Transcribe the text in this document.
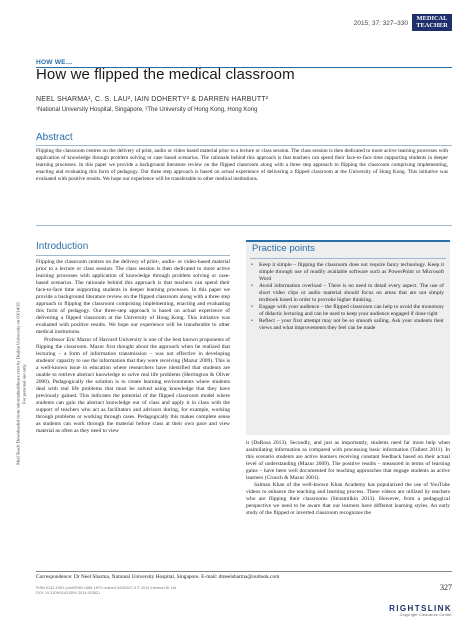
Med Teach Downloaded from informahealthcare.com by Deakin University on 03/14/15 For personal use only.
2015; 37: 327–330
MEDICAL
TEACHER
HOW WE…
How we flipped the medical classroom
NEEL SHARMA¹, C. S. LAU², IAIN DOHERTY² & DARREN HARBUTT²
¹National University Hospital, Singapore, ²The University of Hong Kong, Hong Kong
Abstract
Flipping the classroom centres on the delivery of print, audio or video based material prior to a lecture or class session. The class session is then dedicated to more active learning processes with application of knowledge through problem solving or case based scenarios. The rationale behind this approach is that teachers can spend their face-to-face time supporting students in deeper learning processes. In this paper we provide a background literature review on the flipped classroom along with a three step approach to flipping the classroom comprising implementing, enacting and evaluating this form of pedagogy. Our three step approach is based on actual experience of delivering a flipped classroom at the University of Hong Kong. This initiative was evaluated with positive results. We hope our experience will be transferable to other medical institutions.
Introduction

Flipping the classroom centres on the delivery of print-, audio- or video-based material prior to a lecture or class session. The class session is then dedicated to more active learning processes with application of knowledge through problem solving or case-based scenarios. The rationale behind this approach is that teachers can spend their face-to-face time supporting students in deeper learning processes. In this paper we provide a background literature review on the flipped classroom along with a three step approach to flipping the classroom comprising implementing, enacting and evaluating this form of pedagogy. Our three-step approach is based on actual experience of delivering a flipped classroom at the University of Hong Kong. This initiative was evaluated with positive results. We hope our experience will be transferable to other medical institutions.

Professor Eric Mazur of Harvard University is one of the best known proponents of flipping the classroom. Mazur first thought about the approach when he realized that lecturing – a form of information transmission – was not effective in developing students' capacity to use the information that they were receiving (Mazur 2009). This is a well-known issue in education where researchers have identified that students are unable to retrieve abstract knowledge to solve real life problems (Herrington & Oliver 2000). Pedagogically the solution is to create learning environments where students deal with real life problems that must be solved using knowledge that they have previously gained. This indicates the potential of the flipped classroom model where students can gain the abstract knowledge out of class and apply it in class with the support of teachers who act as facilitators and advisors during, for example, working through problems or working through cases. Pedagogically this makes complete sense as students can work through the material before class at their own pace and view material as often as they need to view

Practice points
• Keep it simple – flipping the classroom does not require fancy technology. Keep it simple through use of readily available software such as PowerPoint or Microsoft Word
• Avoid information overload – There is no need to detail every aspect. The use of short video clips or audio material should focus on areas that are not simply textbook based in order to provoke higher thinking.
• Engage with your audience – the flipped classroom can help to avoid the monotony of didactic lecturing and can be used to keep your audience engaged if done right
• Reflect – your first attempt may not be so smooth sailing. Ask your students their views and what improvements they feel can be made

it (DaRosa 2013). Secondly, and just as importantly, students need far more help when assimilating information as compared with processing basic information (Talbert 2011). In this scenario students are active learners receiving constant feedback based on their actual level of understanding (Mazur 2009). The positive results – measured in terms of learning gains – have been well documented for teaching approaches that engage students as active learners (Crouch & Mazur 2001).

Salman Khan of the well-known Khan Academy has popularized the use of YouTube videos to enhance the teaching and learning process. These videos are utilized by teachers who are flipping their classrooms (Strasmilkin 2013). However, from a pedagogical perspective we need to be aware that our learners have different learning styles. An early study of the flipped or inverted classroom recognizes the

Correspondence: Dr Neel Sharma, National University Hospital, Singapore. E-mail: dmeelsharma@outlook.com
ISSN 0142-159X print/ISSN 1466-187X online/14/040327-4 © 2014 Informa UK Ltd.
DOI: 10.3109/0142159X.2014.923821
327
RIGHTSLINK
Copyright Clearance Center
